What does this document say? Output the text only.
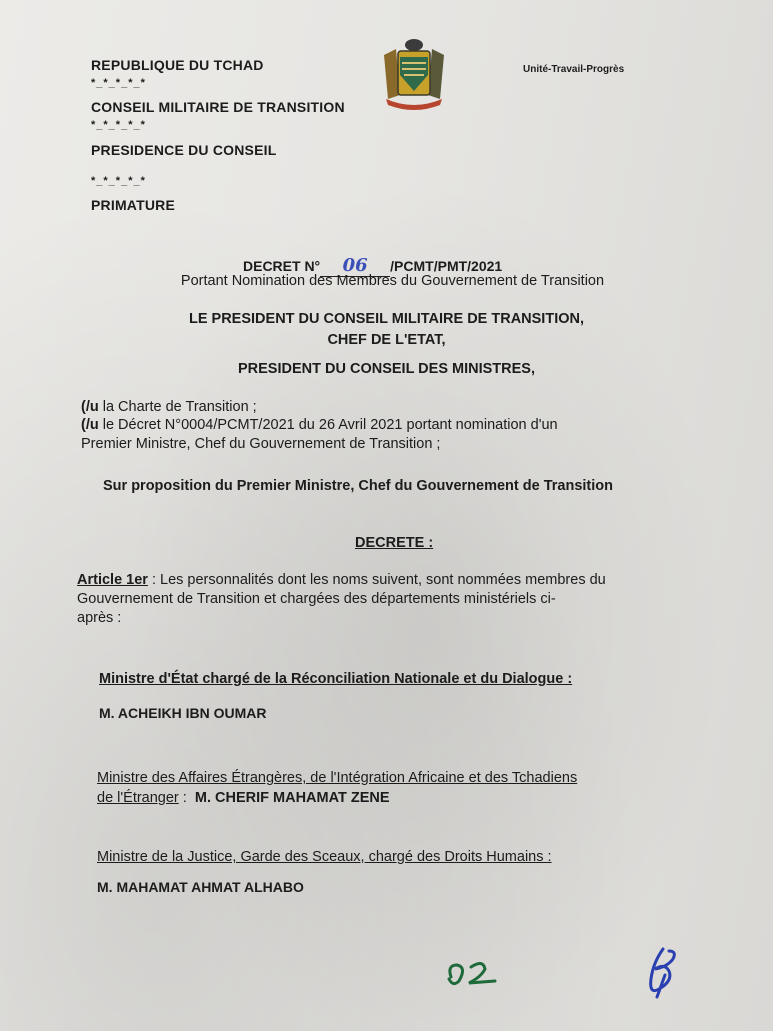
REPUBLIQUE DU TCHAD
*_*_*_*_*
CONSEIL MILITAIRE DE TRANSITION
*_*_*_*_*
PRESIDENCE DU CONSEIL
*_*_*_*_*
PRIMATURE
Unité-Travail-Progrès
DECRET N° 06 /PCMT/PMT/2021
Portant Nomination des Membres du Gouvernement de Transition
LE PRESIDENT DU CONSEIL MILITAIRE DE TRANSITION,
CHEF DE L'ETAT,
PRESIDENT DU CONSEIL DES MINISTRES,
(/u la Charte de Transition ;
(/u le Décret N°0004/PCMT/2021 du 26 Avril 2021 portant nomination d'un
Premier Ministre, Chef du Gouvernement de Transition ;
Sur proposition du Premier Ministre, Chef du Gouvernement de Transition
DECRETE :
Article 1er : Les personnalités dont les noms suivent, sont nommées membres du
Gouvernement de Transition et chargées des départements ministériels ci-
après :
Ministre d'État chargé de la Réconciliation Nationale et du Dialogue :
M. ACHEIKH IBN OUMAR
Ministre des Affaires Étrangères, de l'Intégration Africaine et des Tchadiens
de l'Étranger : M. CHERIF MAHAMAT ZENE
Ministre de la Justice, Garde des Sceaux, chargé des Droits Humains :
M. MAHAMAT AHMAT ALHABO
